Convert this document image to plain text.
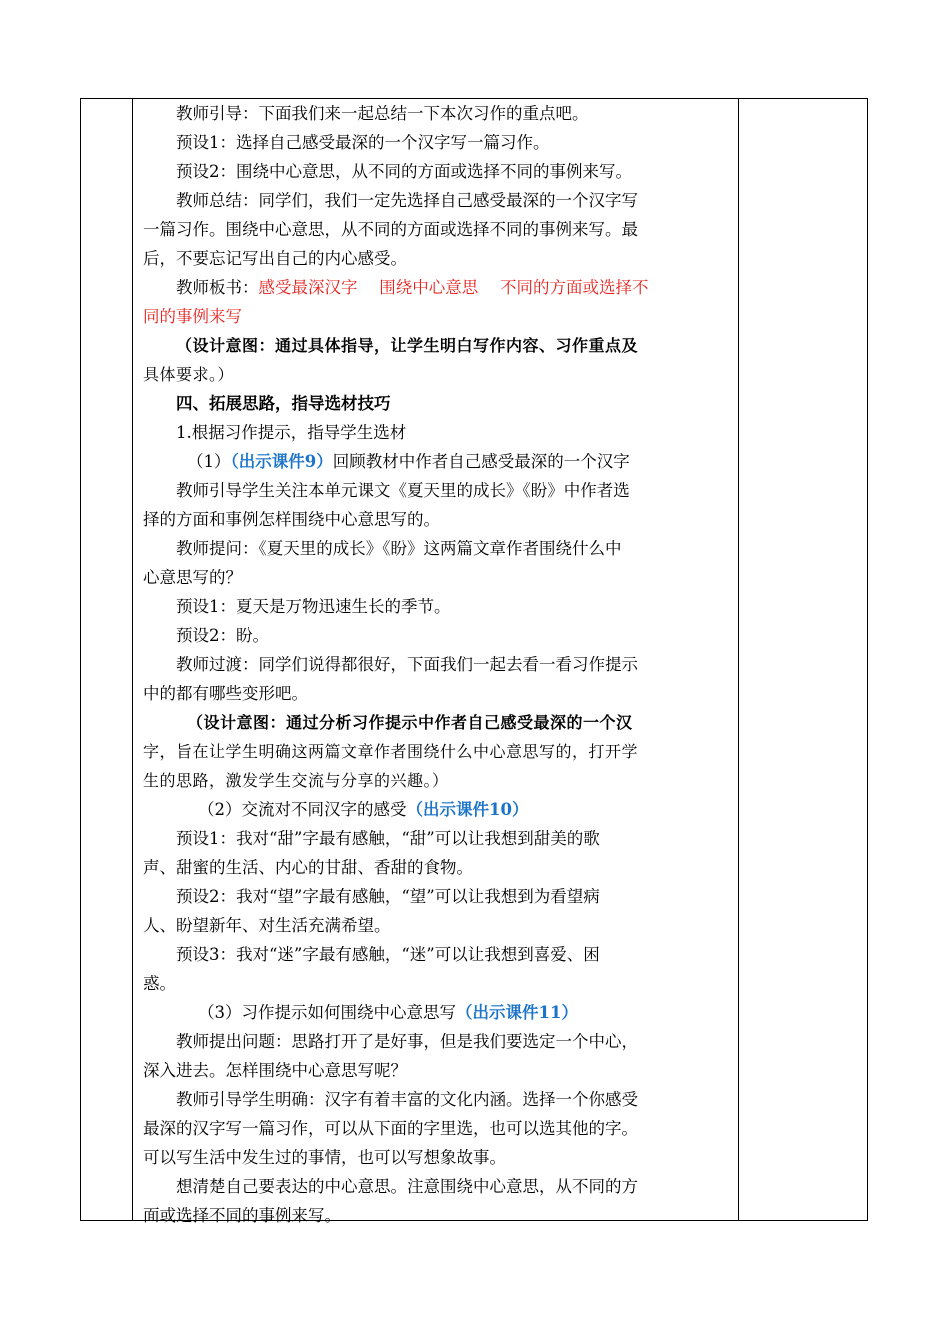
教师引导：下面我们来一起总结一下本次习作的重点吧。
预设1：选择自己感受最深的一个汉字写一篇习作。
预设2：围绕中心意思，从不同的方面或选择不同的事例来写。
教师总结：同学们，我们一定先选择自己感受最深的一个汉字写
一篇习作。围绕中心意思，从不同的方面或选择不同的事例来写。最
后，不要忘记写出自己的内心感受。
教师板书：感受最深汉字　 围绕中心意思　 不同的方面或选择不
同的事例来写
（设计意图：通过具体指导，让学生明白写作内容、习作重点及
具体要求。）
四、拓展思路，指导选材技巧
1.根据习作提示，指导学生选材
（1）（出示课件9）回顾教材中作者自己感受最深的一个汉字
教师引导学生关注本单元课文《夏天里的成长》《盼》中作者选
择的方面和事例怎样围绕中心意思写的。
教师提问：《夏天里的成长》《盼》这两篇文章作者围绕什么中
心意思写的？
预设1：夏天是万物迅速生长的季节。
预设2：盼。
教师过渡：同学们说得都很好，下面我们一起去看一看习作提示
中的都有哪些变形吧。
（设计意图：通过分析习作提示中作者自己感受最深的一个汉
字，旨在让学生明确这两篇文章作者围绕什么中心意思写的，打开学
生的思路，激发学生交流与分享的兴趣。）
（2）交流对不同汉字的感受（出示课件10）
预设1：我对“甜”字最有感触，“甜”可以让我想到甜美的歌
声、甜蜜的生活、内心的甘甜、香甜的食物。
预设2：我对“望”字最有感触，“望”可以让我想到为看望病
人、盼望新年、对生活充满希望。
预设3：我对“迷”字最有感触，“迷”可以让我想到喜爱、困
惑。
（3）习作提示如何围绕中心意思写（出示课件11）
教师提出问题：思路打开了是好事，但是我们要选定一个中心，
深入进去。怎样围绕中心意思写呢？
教师引导学生明确：汉字有着丰富的文化内涵。选择一个你感受
最深的汉字写一篇习作，可以从下面的字里选，也可以选其他的字。
可以写生活中发生过的事情，也可以写想象故事。
想清楚自己要表达的中心意思。注意围绕中心意思，从不同的方
面或选择不同的事例来写。
